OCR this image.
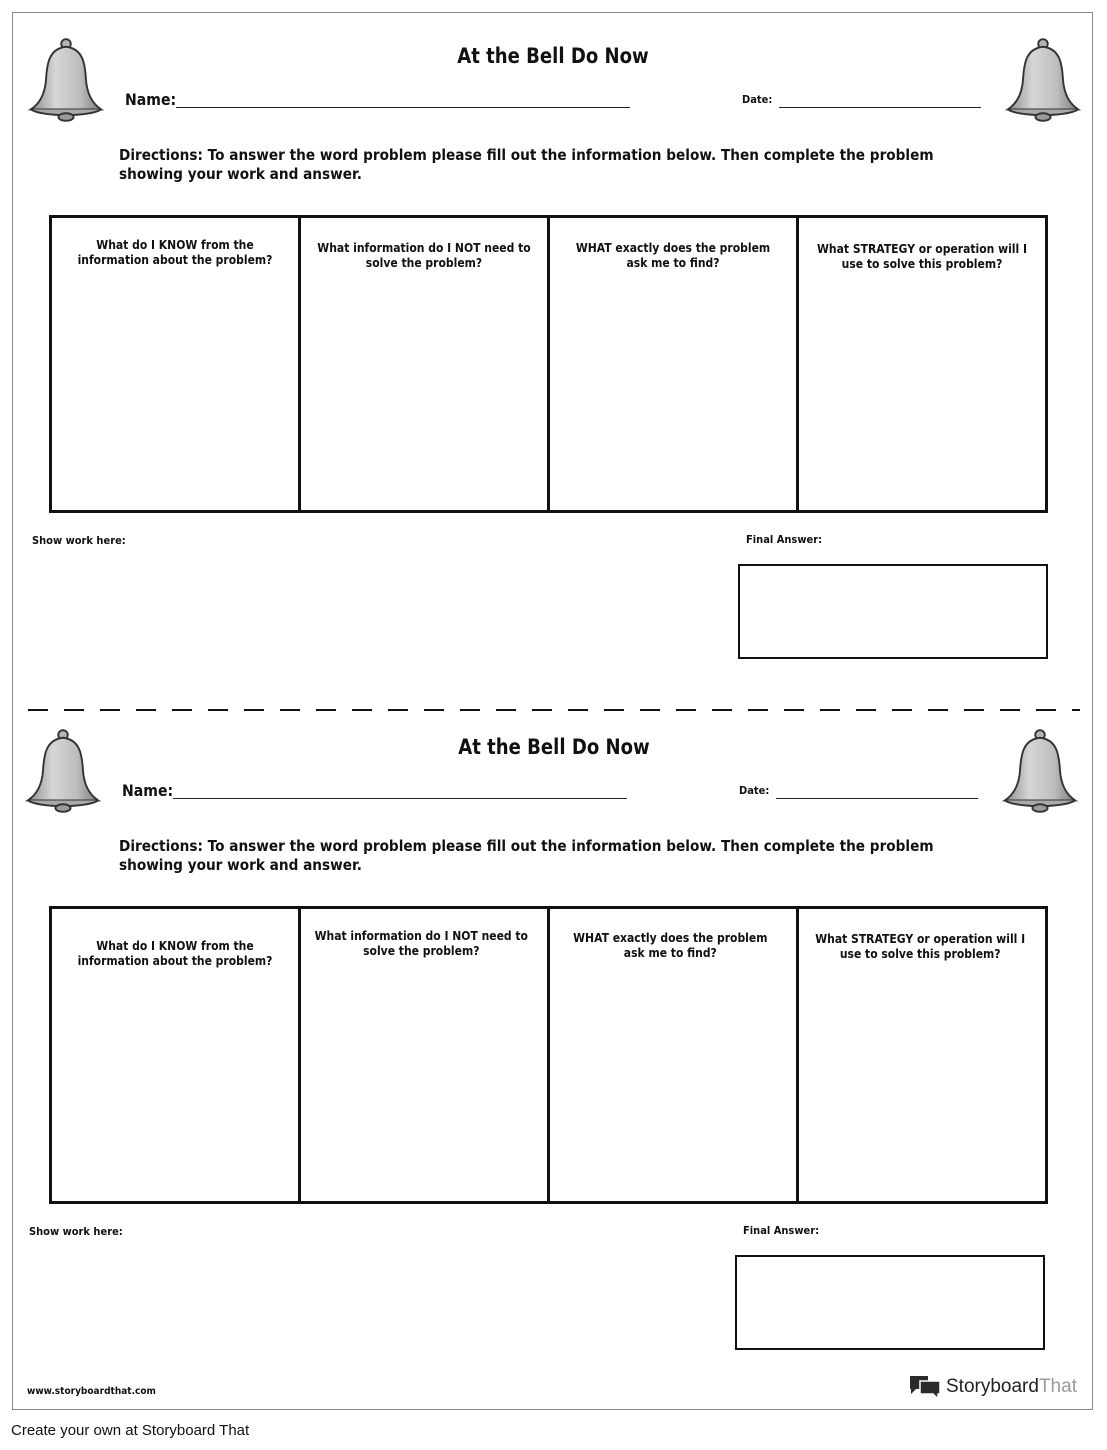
At the Bell Do Now
Name:	Date:
Directions: To answer the word problem please fill out the information below. Then complete the problem showing your work and answer.
What do I KNOW from the information about the problem?
What information do I NOT need to solve the problem?
WHAT exactly does the problem ask me to find?
What STRATEGY or operation will I use to solve this problem?
Show work here:	Final Answer:
At the Bell Do Now
Name:	Date:
Directions: To answer the word problem please fill out the information below. Then complete the problem showing your work and answer.
What do I KNOW from the information about the problem?
What information do I NOT need to solve the problem?
WHAT exactly does the problem ask me to find?
What STRATEGY or operation will I use to solve this problem?
Show work here:	Final Answer:
www.storyboardthat.com	StoryboardThat
Create your own at Storyboard That
